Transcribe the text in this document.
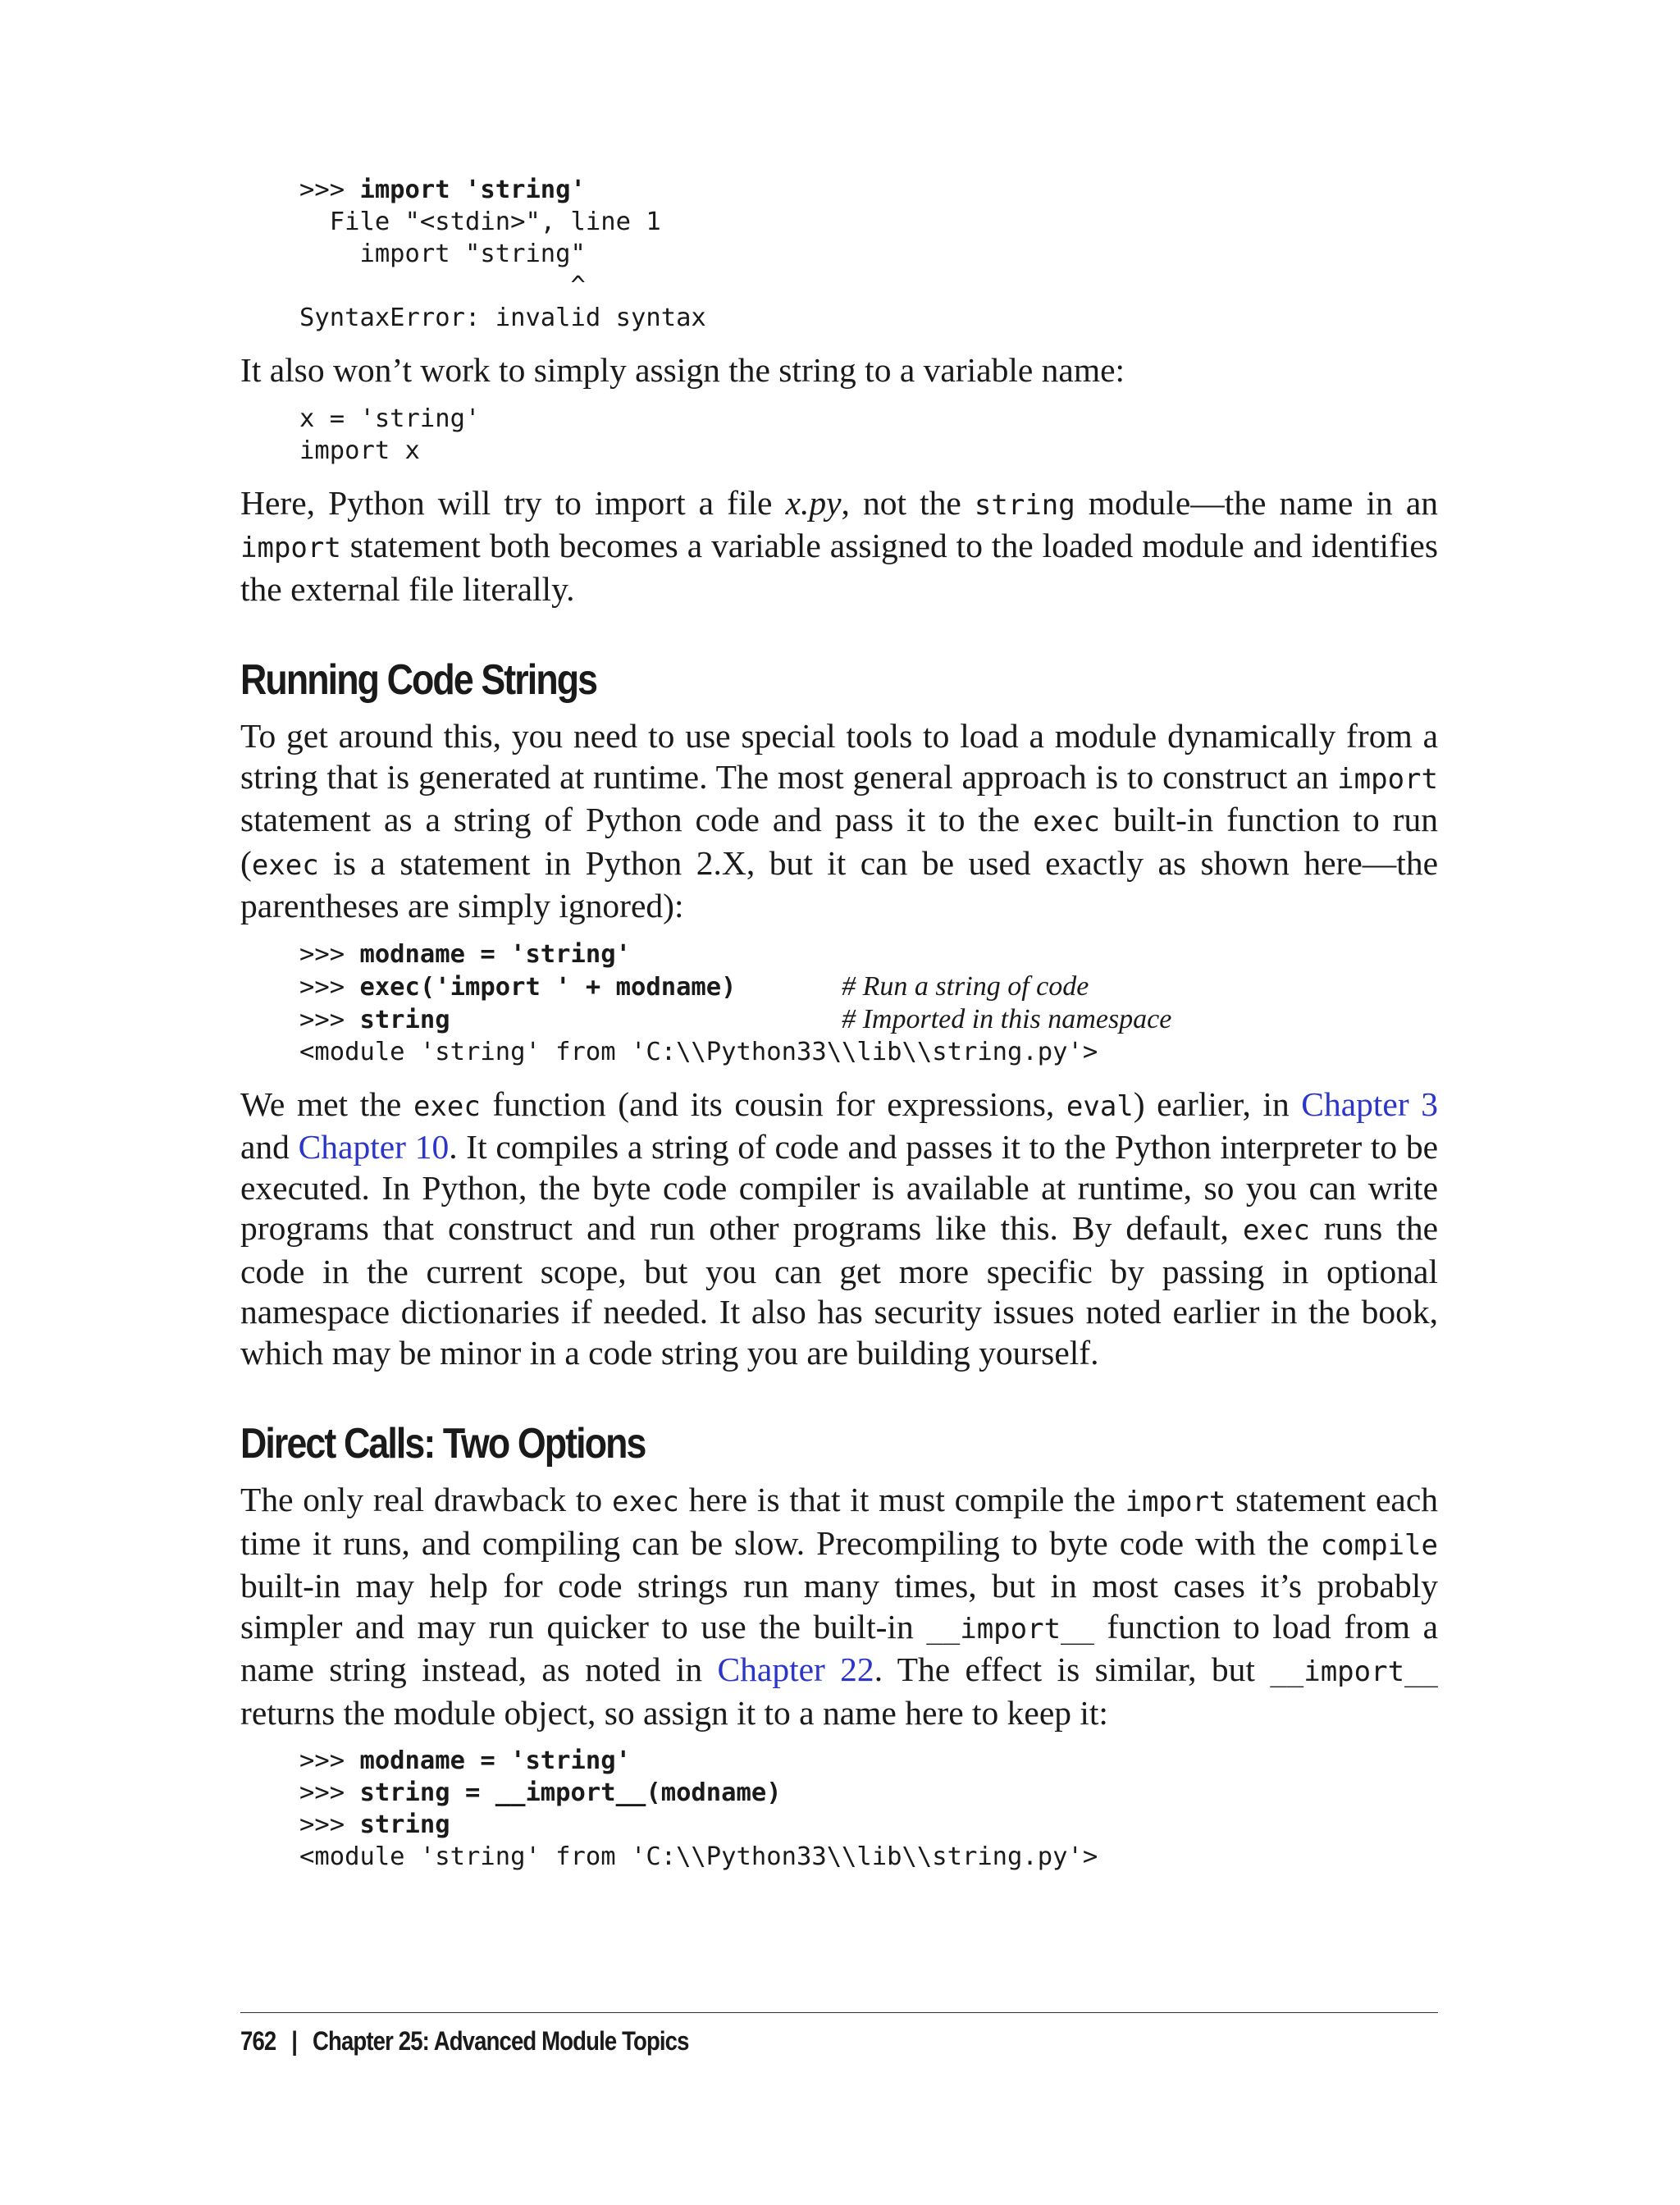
>>> import 'string'
File "<stdin>", line 1
import "string"
^
SyntaxError: invalid syntax

It also won’t work to simply assign the string to a variable name:

x = 'string'
import x

Here, Python will try to import a file x.py, not the string module—the name in an import statement both becomes a variable assigned to the loaded module and identifies the external file literally.

Running Code Strings

To get around this, you need to use special tools to load a module dynamically from a string that is generated at runtime. The most general approach is to construct an import statement as a string of Python code and pass it to the exec built-in function to run (exec is a statement in Python 2.X, but it can be used exactly as shown here—the parentheses are simply ignored):

>>> modname = 'string'
>>> exec('import ' + modname)	# Run a string of code
>>> string	# Imported in this namespace
<module 'string' from 'C:\\Python33\\lib\\string.py'>

We met the exec function (and its cousin for expressions, eval) earlier, in Chapter 3 and Chapter 10. It compiles a string of code and passes it to the Python interpreter to be executed. In Python, the byte code compiler is available at runtime, so you can write programs that construct and run other programs like this. By default, exec runs the code in the current scope, but you can get more specific by passing in optional namespace dictionaries if needed. It also has security issues noted earlier in the book, which may be minor in a code string you are building yourself.

Direct Calls: Two Options

The only real drawback to exec here is that it must compile the import statement each time it runs, and compiling can be slow. Precompiling to byte code with the compile built-in may help for code strings run many times, but in most cases it’s probably simpler and may run quicker to use the built-in __import__ function to load from a name string instead, as noted in Chapter 22. The effect is similar, but __import__ returns the module object, so assign it to a name here to keep it:

>>> modname = 'string'
>>> string = __import__(modname)
>>> string
<module 'string' from 'C:\\Python33\\lib\\string.py'>
762 | Chapter 25: Advanced Module Topics
